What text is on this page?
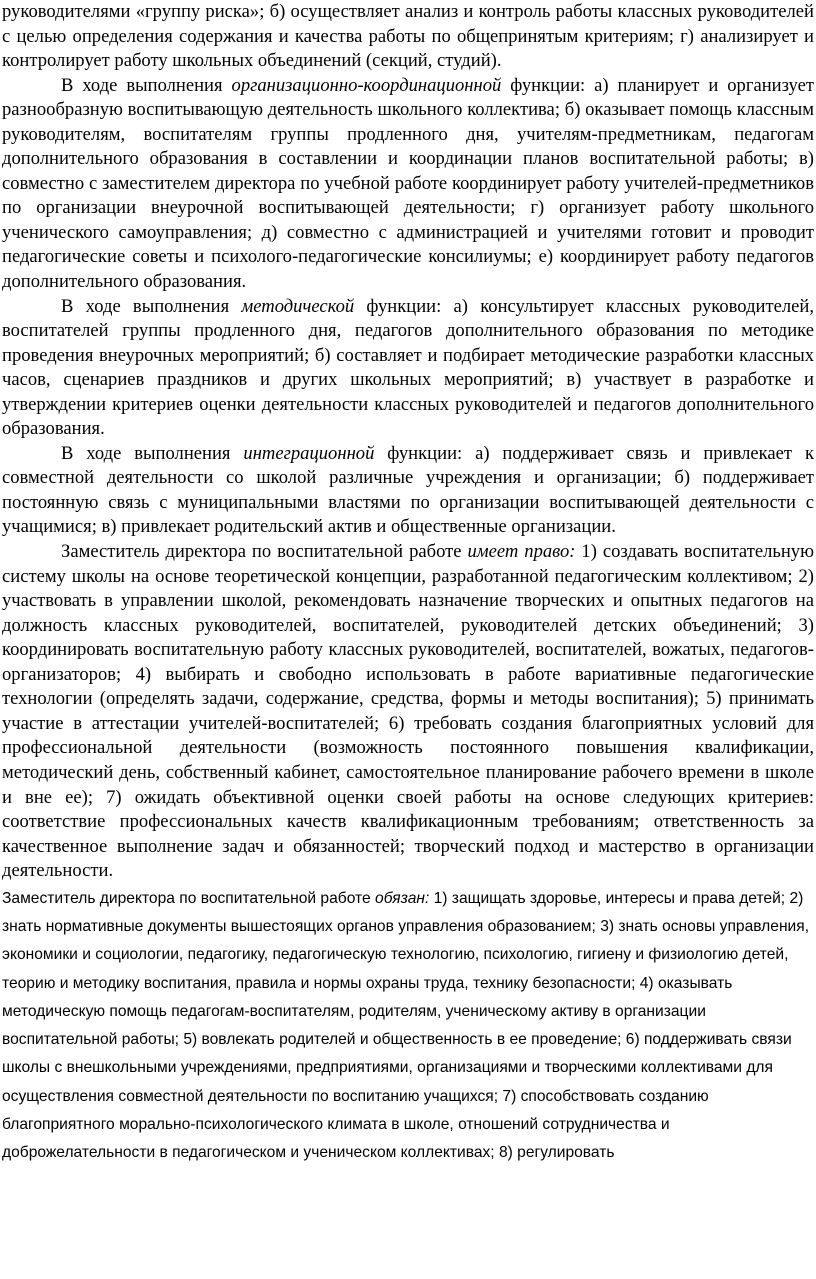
руководителями «группу риска»; б) осуществляет анализ и контроль работы классных руководителей с целью определения содержания и качества работы по общепринятым критериям; г) анализирует и контролирует работу школьных объединений (секций, студий).

В ходе выполнения организационно-координационной функции: а) планирует и организует разнообразную воспитывающую деятельность школьного коллектива; б) оказывает помощь классным руководителям, воспитателям группы продленного дня, учителям-предметникам, педагогам дополнительного образования в составлении и координации планов воспитательной работы; в) совместно с заместителем директора по учебной работе координирует работу учителей-предметников по организации внеурочной воспитывающей деятельности; г) организует работу школьного ученического самоуправления; д) совместно с администрацией и учителями готовит и проводит педагогические советы и психолого-педагогические консилиумы; е) координирует работу педагогов дополнительного образования.

В ходе выполнения методической функции: а) консультирует классных руководителей, воспитателей группы продленного дня, педагогов дополнительного образования по методике проведения внеурочных мероприятий; б) составляет и подбирает методические разработки классных часов, сценариев праздников и других школьных мероприятий; в) участвует в разработке и утверждении критериев оценки деятельности классных руководителей и педагогов дополнительного образования.

В ходе выполнения интеграционной функции: а) поддерживает связь и привлекает к совместной деятельности со школой различные учреждения и организации; б) поддерживает постоянную связь с муниципальными властями по организации воспитывающей деятельности с учащимися; в) привлекает родительский актив и общественные организации.

Заместитель директора по воспитательной работе имеет право: 1) создавать воспитательную систему школы на основе теоретической концепции, разработанной педагогическим коллективом; 2) участвовать в управлении школой, рекомендовать назначение творческих и опытных педагогов на должность классных руководителей, воспитателей, руководителей детских объединений; 3) координировать воспитательную работу классных руководителей, воспитателей, вожатых, педагогов-организаторов; 4) выбирать и свободно использовать в работе вариативные педагогические технологии (определять задачи, содержание, средства, формы и методы воспитания); 5) принимать участие в аттестации учителей-воспитателей; 6) требовать создания благоприятных условий для профессиональной деятельности (возможность постоянного повышения квалификации, методический день, собственный кабинет, самостоятельное планирование рабочего времени в школе и вне ее); 7) ожидать объективной оценки своей работы на основе следующих критериев: соответствие профессиональных качеств квалификационным требованиям; ответственность за качественное выполнение задач и обязанностей; творческий подход и мастерство в организации деятельности.

Заместитель директора по воспитательной работе обязан: 1) защищать здоровье, интересы и права детей; 2) знать нормативные документы вышестоящих органов управления образованием; 3) знать основы управления, экономики и социологии, педагогику, педагогическую технологию, психологию, гигиену и физиологию детей, теорию и методику воспитания, правила и нормы охраны труда, технику безопасности; 4) оказывать методическую помощь педагогам-воспитателям, родителям, ученическому активу в организации воспитательной работы; 5) вовлекать родителей и общественность в ее проведение; 6) поддерживать связи школы с внешкольными учреждениями, предприятиями, организациями и творческими коллективами для осуществления совместной деятельности по воспитанию учащихся; 7) способствовать созданию благоприятного морально-психологического климата в школе, отношений сотрудничества и доброжелательности в педагогическом и ученическом коллективах; 8) регулировать
